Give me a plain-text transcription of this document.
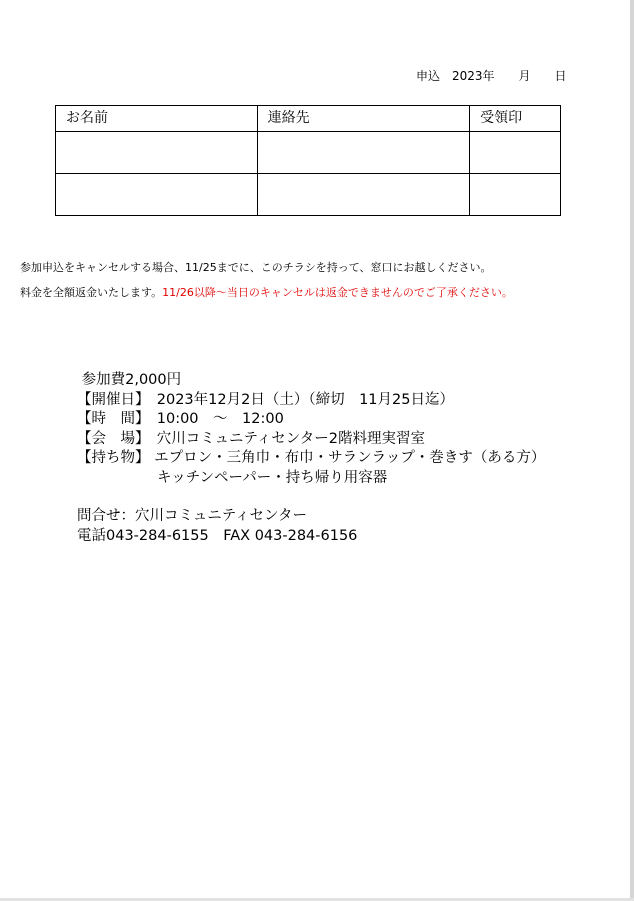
申込　2023年　　月　　日
お名前	連絡先	受領印

参加申込をキャンセルする場合、11/25までに、このチラシを持って、窓口にお越しください。
料金を全額返金いたします。11/26以降～当日のキャンセルは返金できませんのでご了承ください。
参加費2,000円
【開催日】　2023年12月2日（土）（締切　11月25日迄）
【時　間】　10:00　～　12:00
【会　場】　穴川コミュニティセンター2階料理実習室
【持ち物】 エプロン・三角巾・布巾・サランラップ・巻きす（ある方）
キッチンペーパー・持ち帰り用容器
問合せ：穴川コミュニティセンター
電話043-284-6155　FAX 043-284-6156
